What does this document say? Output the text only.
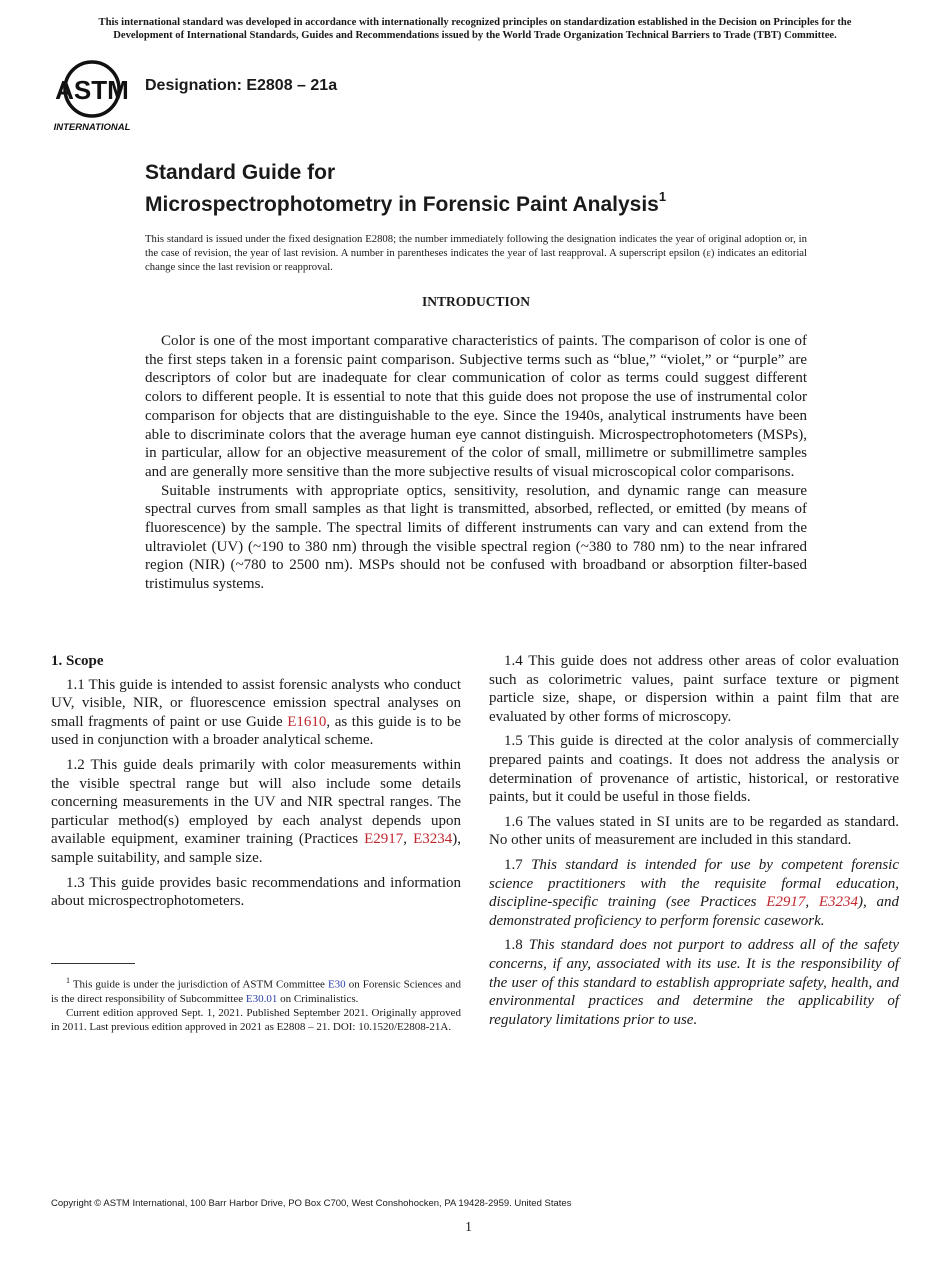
This international standard was developed in accordance with internationally recognized principles on standardization established in the Decision on Principles for the
Development of International Standards, Guides and Recommendations issued by the World Trade Organization Technical Barriers to Trade (TBT) Committee.
ASTM
INTERNATIONAL
Designation: E2808 – 21a
Standard Guide for
Microspectrophotometry in Forensic Paint Analysis$^1$
This standard is issued under the fixed designation E2808; the number immediately following the designation indicates the year of original adoption or, in the case of revision, the year of last revision. A number in parentheses indicates the year of last reapproval. A superscript epsilon (ε) indicates an editorial change since the last revision or reapproval.
INTRODUCTION

Color is one of the most important comparative characteristics of paints. The comparison of color is one of the first steps taken in a forensic paint comparison. Subjective terms such as “blue,” “violet,” or “purple” are descriptors of color but are inadequate for clear communication of color as terms could suggest different colors to different people. It is essential to note that this guide does not propose the use of instrumental color comparison for objects that are distinguishable to the eye. Since the 1940s, analytical instruments have been able to discriminate colors that the average human eye cannot distinguish. Microspectrophotometers (MSPs), in particular, allow for an objective measurement of the color of small, millimetre or submillimetre samples and are generally more sensitive than the more subjective results of visual microscopical color comparisons.

Suitable instruments with appropriate optics, sensitivity, resolution, and dynamic range can measure spectral curves from small samples as that light is transmitted, absorbed, reflected, or emitted (by means of fluorescence) by the sample. The spectral limits of different instruments can vary and can extend from the ultraviolet (UV) (~190 to 380 nm) through the visible spectral region (~380 to 780 nm) to the near infrared region (NIR) (~780 to 2500 nm). MSPs should not be confused with broadband or absorption filter-based tristimulus systems.

1. Scope

1.1 This guide is intended to assist forensic analysts who conduct UV, visible, NIR, or fluorescence emission spectral analyses on small fragments of paint or use Guide E1610, as this guide is to be used in conjunction with a broader analytical scheme.

1.2 This guide deals primarily with color measurements within the visible spectral range but will also include some details concerning measurements in the UV and NIR spectral ranges. The particular method(s) employed by each analyst depends upon available equipment, examiner training (Practices E2917, E3234), sample suitability, and sample size.

1.3 This guide provides basic recommendations and information about microspectrophotometers.

1.4 This guide does not address other areas of color evaluation such as colorimetric values, paint surface texture or pigment particle size, shape, or dispersion within a paint film that are evaluated by other forms of microscopy.

1.5 This guide is directed at the color analysis of commercially prepared paints and coatings. It does not address the analysis or determination of provenance of artistic, historical, or restorative paints, but it could be useful in those fields.

1.6 The values stated in SI units are to be regarded as standard. No other units of measurement are included in this standard.

1.7 This standard is intended for use by competent forensic science practitioners with the requisite formal education, discipline-specific training (see Practices E2917, E3234), and demonstrated proficiency to perform forensic casework.

1.8 This standard does not purport to address all of the safety concerns, if any, associated with its use. It is the responsibility of the user of this standard to establish appropriate safety, health, and environmental practices and determine the applicability of regulatory limitations prior to use.

$^1$ This guide is under the jurisdiction of ASTM Committee E30 on Forensic Sciences and is the direct responsibility of Subcommittee E30.01 on Criminalistics.

Current edition approved Sept. 1, 2021. Published September 2021. Originally approved in 2011. Last previous edition approved in 2021 as E2808 – 21. DOI: 10.1520/E2808-21A.

Copyright © ASTM International, 100 Barr Harbor Drive, PO Box C700, West Conshohocken, PA 19428-2959. United States
1
